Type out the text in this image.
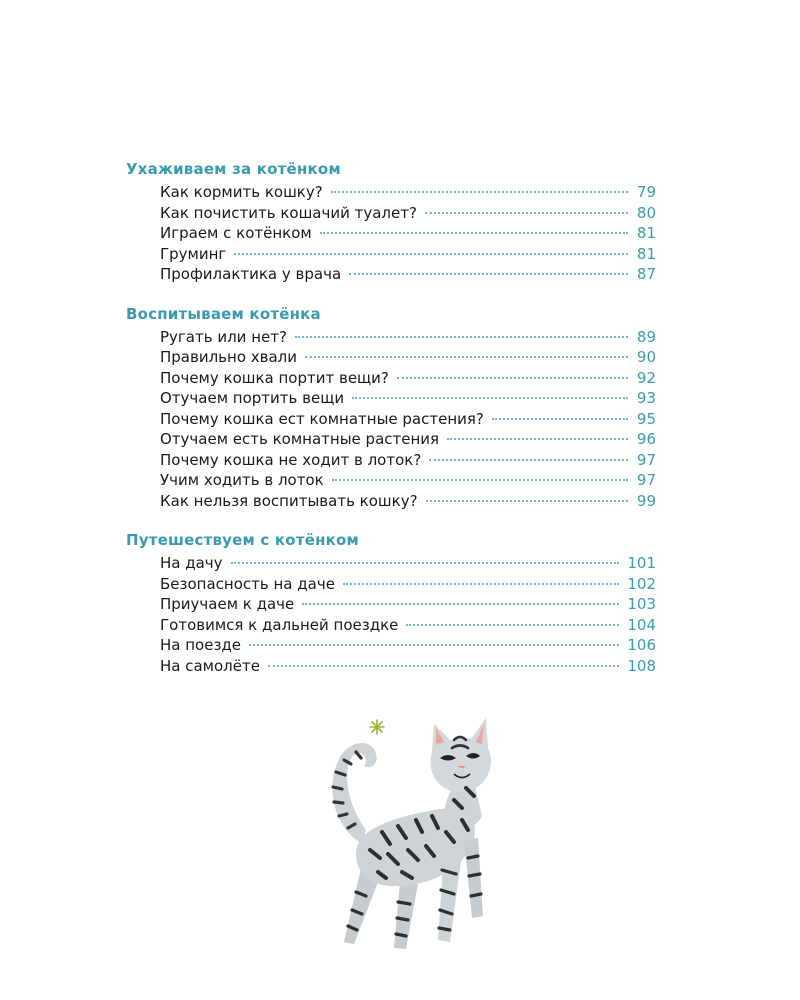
Ухаживаем за котёнком
Как кормить кошку?	79
Как почистить кошачий туалет?	80
Играем с котёнком	81
Груминг	81
Профилактика у врача	87
Воспитываем котёнка
Ругать или нет?	89
Правильно хвали	90
Почему кошка портит вещи?	92
Отучаем портить вещи	93
Почему кошка ест комнатные растения?	95
Отучаем есть комнатные растения	96
Почему кошка не ходит в лоток?	97
Учим ходить в лоток	97
Как нельзя воспитывать кошку?	99
Путешествуем с котёнком
На дачу	101
Безопасность на даче	102
Приучаем к даче	103
Готовимся к дальней поездке	104
На поезде	106
На самолёте	108
